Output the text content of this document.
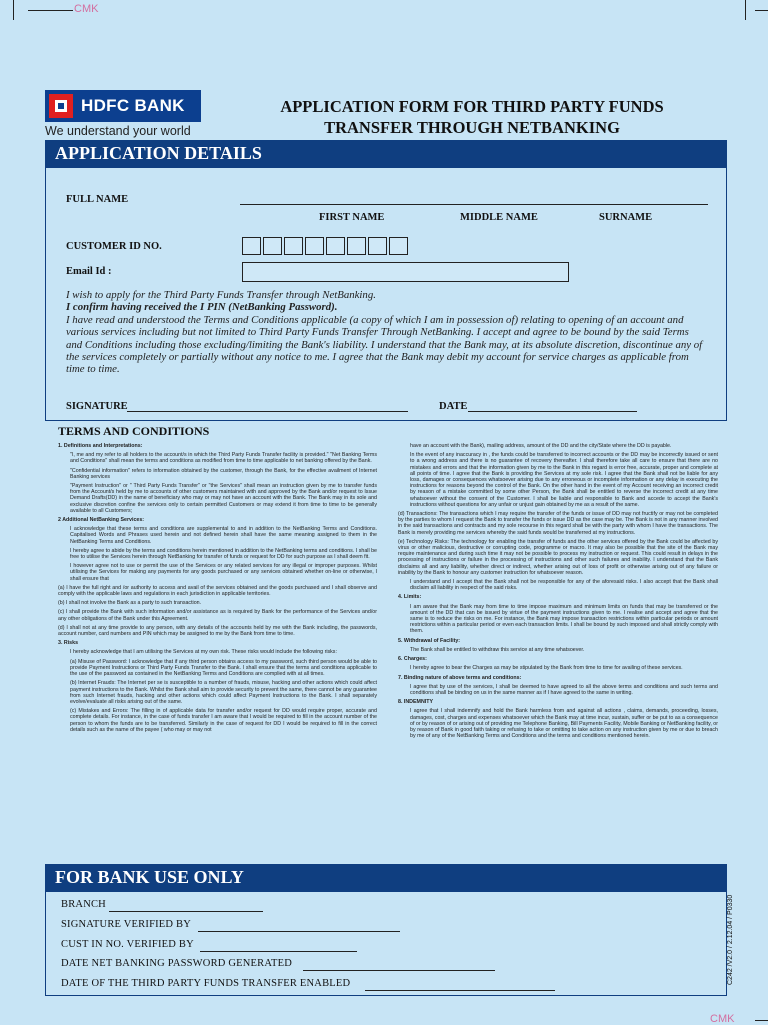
CMK
CMK
HDFC BANK
We understand your world
APPLICATION FORM FOR THIRD PARTY FUNDS
TRANSFER THROUGH NETBANKING
APPLICATION DETAILS
FULL NAME
FIRST NAME	MIDDLE NAME	SURNAME
CUSTOMER ID NO.
Email Id :
I wish to apply for the Third Party Funds Transfer through NetBanking.
I confirm having received the I PIN (NetBanking Password).
I have read and understood the Terms and Conditions applicable (a copy of which I am in possession of) relating to opening of an account and various services including but not limited to Third Party Funds Transfer Through NetBanking. I accept and agree to be bound by the said Terms and Conditions including those excluding/limiting the Bank's liability. I understand that the Bank may, at its absolute discretion, discontinue any of the services completely or partially without any notice to me. I agree that the Bank may debit my account for service charges as applicable from time to time.
SIGNATURE	DATE
TERMS AND CONDITIONS

1. Definitions and Interpretations:

"I, me and my refer to all holders to the account/s in which the Third Party Funds Transfer facility is provided." "Net Banking Terms and Conditions" shall mean the terms and conditions as modified from time to time applicable to net banking offered by the Bank.

"Confidential information" refers to information obtained by the customer, through the Bank, for the effective availment of Internet Banking services

"Payment Instruction" or " Third Party Funds Transfer" or "the Services" shall mean an instruction given by me to transfer funds from the Account/s held by me to accounts of other customers maintained with and approved by the Bank and/or request to Issue Demand Drafts(DD) in the name of beneficiary who may or may not have an account with the Bank. The Bank may in its sole and exclusive discretion confine the services only to certain permitted Customers or may extend it from time to time to be generally available to all Customers;

2 Additional NetBanking Services:

I acknowledge that these terms and conditions are supplemental to and in addition to the NetBanking Terms and Conditions. Capitalised Words and Phrases used herein and not defined herein shall have the same meaning assigned to them in the NetBanking Terms and Conditions.

I hereby agree to abide by the terms and conditions herein mentioned in addition to the NetBanking terms and conditions. I shall be free to utilise the Services herein through NetBanking for transfer of funds or request for DD for such purpose as I shall deem fit.

I however agree not to use or permit the use of the Services or any related services for any illegal or improper purposes. Whilst utilising the Services for making any payments for any goods purchased or any services obtained whether on-line or otherwise, I shall ensure that

(a) I have the full right and /or authority to access and avail of the services obtained and the goods purchased and I shall observe and comply with the applicable laws and regulations in each jurisdiction in applicable territories.

(b) I shall not involve the Bank as a party to such transaction.

(c) I shall provide the Bank with such information and/or assistance as is required by Bank for the performance of the Services and/or any other obligations of the Bank under this Agreement.

(d) I shall not at any time provide to any person, with any details of the accounts held by me with the Bank including, the passwords, account number, card numbers and PIN which may be assigned to me by the Bank from time to time.

3. Risks

I hereby acknowledge that I am utilising the Services at my own risk. These risks would include the following risks:

(a) Misuse of Password: I acknowledge that if any third person obtains access to my password, such third person would be able to provide Payment Instructions or Third Party Funds Transfer to the Bank. I shall ensure that the terms and conditions applicable to the use of the password as contained in the NetBanking Terms and Conditions are complied with at all times.

(b) Internet Frauds: The Internet per se is susceptible to a number of frauds, misuse, hacking and other actions which could affect payment instructions to the Bank. Whilst the Bank shall aim to provide security to prevent the same, there cannot be any guarantee from such Internet frauds, hacking and other actions which could affect Payment Instructions to the Bank. I shall separately evolve/evaluate all risks arising out of the same.

(c) Mistakes and Errors: The filling in of applicable data for transfer and/or request for DD would require proper, accurate and complete details. For instance, in the case of funds transfer I am aware that I would be required to fill in the account number of the person to whom the funds are to be transferred. Similarly in the case of request for DD I would be required to fill in the correct details such as the name of the payee ( who may or may not

have an account with the Bank), mailing address, amount of the DD and the city/State where the DD is payable.

In the event of any inaccuracy in , the funds could be transferred to incorrect accounts or the DD may be incorrectly issued or sent to a wrong address and there is no guarantee of recovery thereafter. I shall therefore take all care to ensure that there are no mistakes and errors and that the information given by me to the Bank in this regard is error free, accurate, proper and complete at all points of time. I agree that the Bank is providing the Services at my sole risk. I agree that the Bank shall not be liable for any loss, damages or consequences whatsoever arising due to any erroneous or incomplete information or any delay in executing the instructions for reasons beyond the control of the Bank. On the other hand in the event of my Account receiving an incorrect credit by reason of a mistake committed by some other Person, the Bank shall be entitled to reverse the incorrect credit at any time whatsoever without the consent of the Customer. I shall be liable and responsible to Bank and accede to accept the Bank's instructions without questions for any unfair or unjust gain obtained by me as a result of the same.

(d) Transactions: The transactions which I may require the transfer of the funds or issue of DD may not fructify or may not be completed by the parties to whom I request the Bank to transfer the funds or issue DD as the case may be. The Bank is not in any manner involved in the said transactions and contracts and my sole recourse in this regard shall be with the party with whom I have the transactions. The Bank is merely providing me services whereby the said funds would be transferred at my instructions.

(e) Technology Risks: The technology for enabling the transfer of funds and the other services offered by the Bank could be affected by virus or other malicious, destructive or corrupting code, programme or macro. It may also be possible that the site of the Bank may require maintenance and during such time it may not be possible to process my instruction or request. This could result in delays in the processing of instructions or failure in the processing of instructions and other such failures and inability. I understand that the Bank disclaims all and any liability, whether direct or indirect, whether arising out of loss of profit or otherwise arising out of any failure or inability by the Bank to honour any customer instruction for whatsoever reason.

I understand and I accept that the Bank shall not be responsible for any of the aforesaid risks. I also accept that the Bank shall disclaim all liability in respect of the said risks.

4. Limits:

I am aware that the Bank may from time to time impose maximum and minimum limits on funds that may be transferred or the amount of the DD that can be issued by virtue of the payment instructions given to me. I realise and accept and agree that the same is to reduce the risks on me. For instance, the Bank may impose transaction restrictions within particular periods or amount restrictions within a particular period or even each transaction limits. I shall be bound by such imposed and shall strictly comply with them.

5. Withdrawal of Facility:

The Bank shall be entitled to withdraw this service at any time whatsoever.

6. Charges:

I hereby agree to bear the Charges as may be stipulated by the Bank from time to time for availing of these services.

7. Binding nature of above terms and conditions:

I agree that by use of the services, I shall be deemed to have agreed to all the above terms and conditions and such terms and conditions shall be binding on us in the same manner as if I have agreed to the same in writing.

8. INDEMNITY

I agree that I shall indemnify and hold the Bank harmless from and against all actions , claims, demands, proceeding, losses, damages, cost, charges and expenses whatsoever which the Bank may at time incur, sustain, suffer or be put to as a consequence of or by reason of or arising out of providing me Telephone Banking, Bill Payments Facility, Mobile Banking or NetBanking facility, or by reason of Bank in good faith taking or refusing to take or omitting to take action on any instruction given by me or due to breach by me of any of the NetBanking Terms and Conditions and the terms and conditions mentioned herein.

FOR BANK USE ONLY
BRANCH
SIGNATURE VERIFIED BY
CUST IN NO. VERIFIED BY
DATE NET BANKING PASSWORD GENERATED
DATE OF THE THIRD PARTY FUNDS TRANSFER ENABLED	C242 /V2.0 / 2.12.04 / P0330
